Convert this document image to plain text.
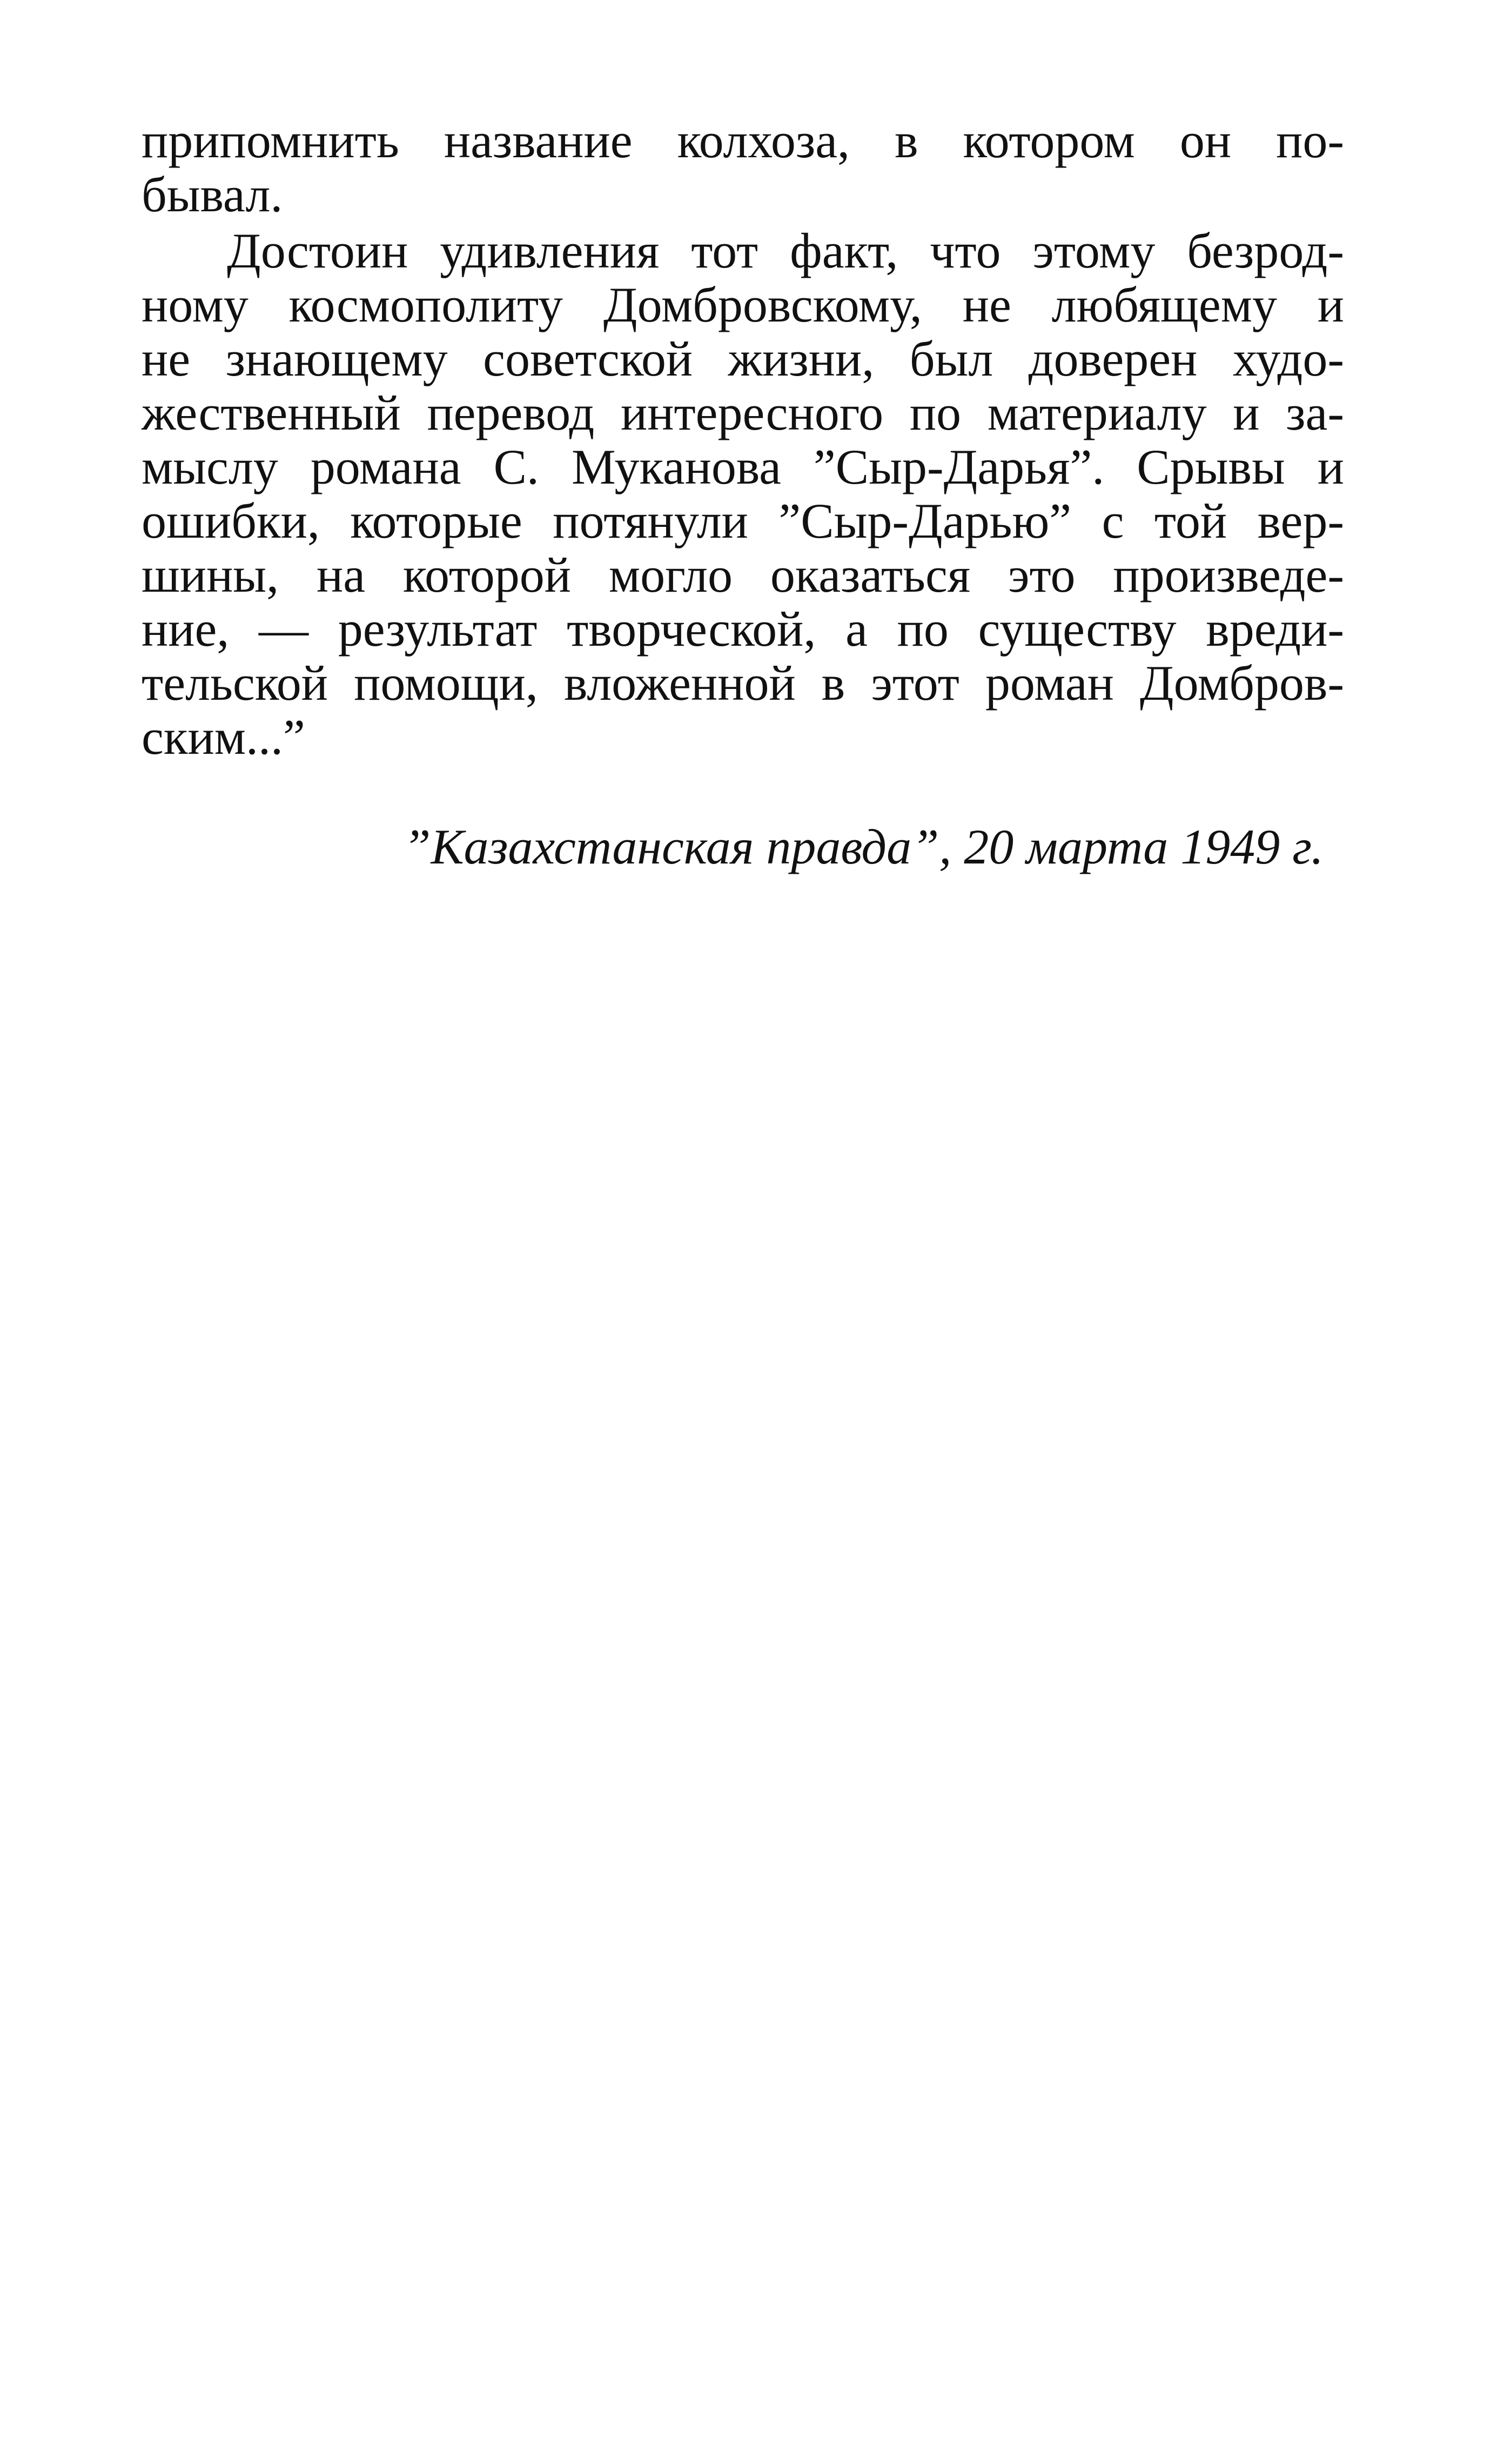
припомнить название колхоза, в котором он по-
бывал.
Достоин удивления тот факт, что этому безрод-
ному космополиту Домбровскому, не любящему и
не знающему советской жизни, был доверен худо-
жественный перевод интересного по материалу и за-
мыслу романа С. Муканова ”Сыр-Дарья”. Срывы и
ошибки, которые потянули ”Сыр-Дарью” с той вер-
шины, на которой могло оказаться это произведе-
ние, — результат творческой, а по существу вреди-
тельской помощи, вложенной в этот роман Домбров-
ским...”
”Казахстанская правда”, 20 марта 1949 г.
